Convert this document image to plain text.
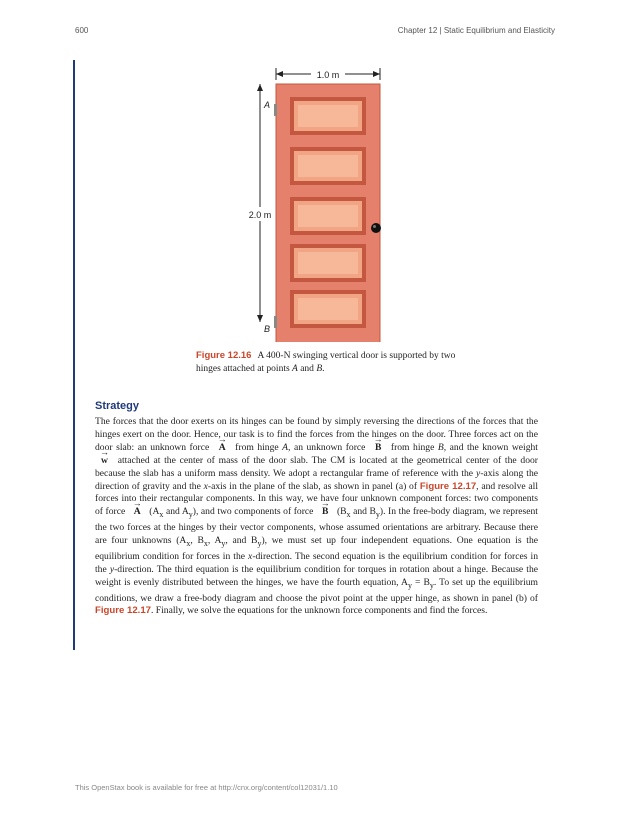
600	Chapter 12 | Static Equilibrium and Elasticity
1.0 m
2.0 m
A
B
Figure 12.16 A 400-N swinging vertical door is supported by two hinges attached at points A and B.
Strategy

The forces that the door exerts on its hinges can be found by simply reversing the directions of the forces that the hinges exert on the door. Hence, our task is to find the forces from the hinges on the door. Three forces act on the door slab: an unknown force → A from hinge A, an unknown force → B from hinge B, and the known weight → w attached at the center of mass of the door slab. The CM is located at the geometrical center of the door because the slab has a uniform mass density. We adopt a rectangular frame of reference with the y-axis along the direction of gravity and the x-axis in the plane of the slab, as shown in panel (a) of Figure 12.17, and resolve all forces into their rectangular components. In this way, we have four unknown component forces: two components of force → A ($A_x$ and $A_y$), and two components of force → B ($B_x$ and $B_y$). In the free-body diagram, we represent the two forces at the hinges by their vector components, whose assumed orientations are arbitrary. Because there are four unknowns ($A_x$, $B_x$, $A_y$, and $B_y$), we must set up four independent equations. One equation is the equilibrium condition for forces in the x-direction. The second equation is the equilibrium condition for forces in the y-direction. The third equation is the equilibrium condition for torques in rotation about a hinge. Because the weight is evenly distributed between the hinges, we have the fourth equation, $A_y = B_y$. To set up the equilibrium conditions, we draw a free-body diagram and choose the pivot point at the upper hinge, as shown in panel (b) of Figure 12.17. Finally, we solve the equations for the unknown force components and find the forces.

This OpenStax book is available for free at http://cnx.org/content/col12031/1.10
